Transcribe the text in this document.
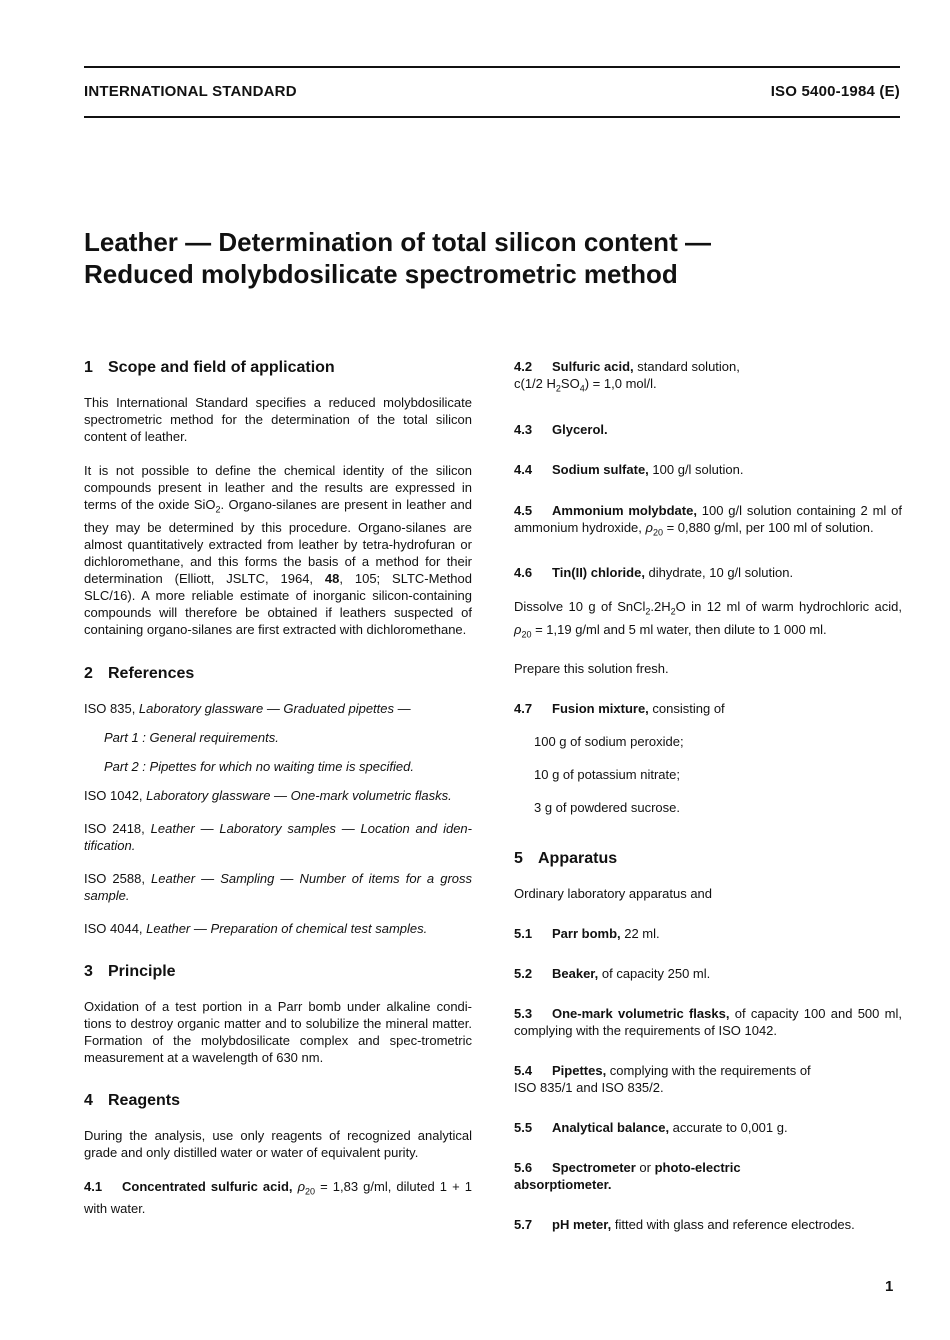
INTERNATIONAL STANDARD	ISO 5400-1984 (E)
Leather — Determination of total silicon content —
Reduced molybdosilicate spectrometric method
1 Scope and field of application

This International Standard specifies a reduced molybdosilicate spectrometric method for the determination of the total silicon content of leather.

It is not possible to define the chemical identity of the silicon compounds present in leather and the results are expressed in terms of the oxide SiO$_2$. Organo-silanes are present in leather and they may be determined by this procedure. Organo-silanes are almost quantitatively extracted from leather by tetra-hydrofuran or dichloromethane, and this forms the basis of a method for their determination (Elliott, JSLTC, 1964, 48, 105; SLTC-Method SLC/16). A more reliable estimate of inorganic silicon-containing compounds will therefore be obtained if leathers suspected of containing organo-silanes are first extracted with dichloromethane.

2 References

ISO 835, Laboratory glassware — Graduated pipettes —

Part 1 : General requirements.

Part 2 : Pipettes for which no waiting time is specified.

ISO 1042, Laboratory glassware — One-mark volumetric flasks.

ISO 2418, Leather — Laboratory samples — Location and iden-tification.

ISO 2588, Leather — Sampling — Number of items for a gross sample.

ISO 4044, Leather — Preparation of chemical test samples.

3 Principle

Oxidation of a test portion in a Parr bomb under alkaline condi-tions to destroy organic matter and to solubilize the mineral matter. Formation of the molybdosilicate complex and spec-trometric measurement at a wavelength of 630 nm.

4 Reagents

During the analysis, use only reagents of recognized analytical grade and only distilled water or water of equivalent purity.

4.1 Concentrated sulfuric acid, $\rho_{20} = 1,83$ g/ml, diluted 1 + 1 with water.

4.2 Sulfuric acid, standard solution,

c(1/2 $H_2SO_4) = 1,0$ mol/l.

4.3 Glycerol.

4.4 Sodium sulfate, 100 g/l solution.

4.5 Ammonium molybdate, 100 g/l solution containing 2 ml of ammonium hydroxide, $\rho_{20} = 0,880$ g/ml, per 100 ml of solution.

4.6 Tin(II) chloride, dihydrate, 10 g/l solution.

Dissolve 10 g of $SnCl_2.2H_2O$ in 12 ml of warm hydrochloric acid, $\rho_{20} = 1,19$ g/ml and 5 ml water, then dilute to 1 000 ml.

Prepare this solution fresh.

4.7 Fusion mixture, consisting of

100 g of sodium peroxide;

10 g of potassium nitrate;

3 g of powdered sucrose.

5 Apparatus

Ordinary laboratory apparatus and

5.1 Parr bomb, 22 ml.

5.2 Beaker, of capacity 250 ml.

5.3 One-mark volumetric flasks, of capacity 100 and 500 ml, complying with the requirements of ISO 1042.

5.4 Pipettes, complying with the requirements of

ISO 835/1 and ISO 835/2.

5.5 Analytical balance, accurate to 0,001 g.

5.6 Spectrometer or photo-electric

absorptiometer.

5.7 pH meter, fitted with glass and reference electrodes.

1
